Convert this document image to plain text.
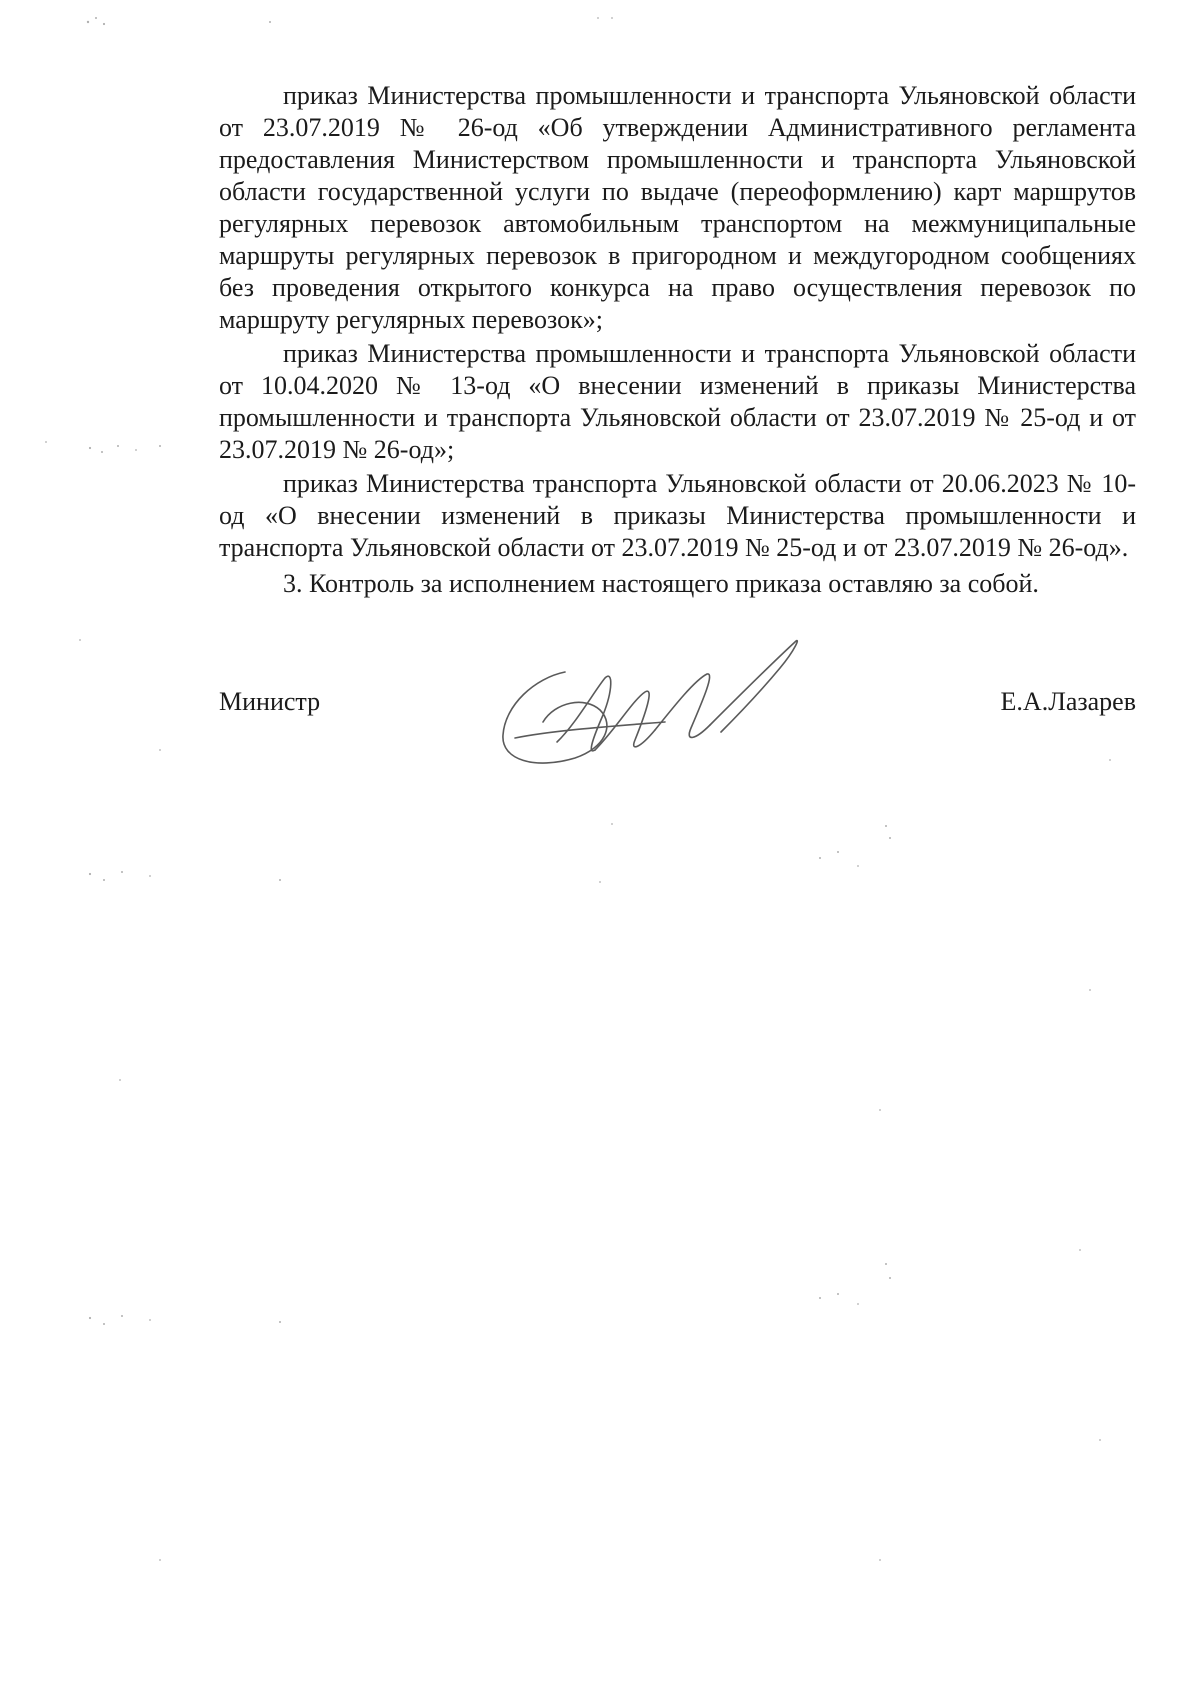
приказ Министерства промышленности и транспорта Ульяновской области от 23.07.2019 № 26-од «Об утверждении Административного регламента предоставления Министерством промышленности и транспорта Ульяновской области государственной услуги по выдаче (переоформлению) карт маршрутов регулярных перевозок автомобильным транспортом на межмуниципальные маршруты регулярных перевозок в пригородном и междугородном сообщениях без проведения открытого конкурса на право осуществления перевозок по маршруту регулярных перевозок»;

приказ Министерства промышленности и транспорта Ульяновской области от 10.04.2020 № 13-од «О внесении изменений в приказы Министерства промышленности и транспорта Ульяновской области от 23.07.2019 № 25-од и от 23.07.2019 № 26-од»;

приказ Министерства транспорта Ульяновской области от 20.06.2023 № 10-од «О внесении изменений в приказы Министерства промышленности и транспорта Ульяновской области от 23.07.2019 № 25-од и от 23.07.2019 № 26-од».

3. Контроль за исполнением настоящего приказа оставляю за собой.

Министр	Е.А.Лазарев
